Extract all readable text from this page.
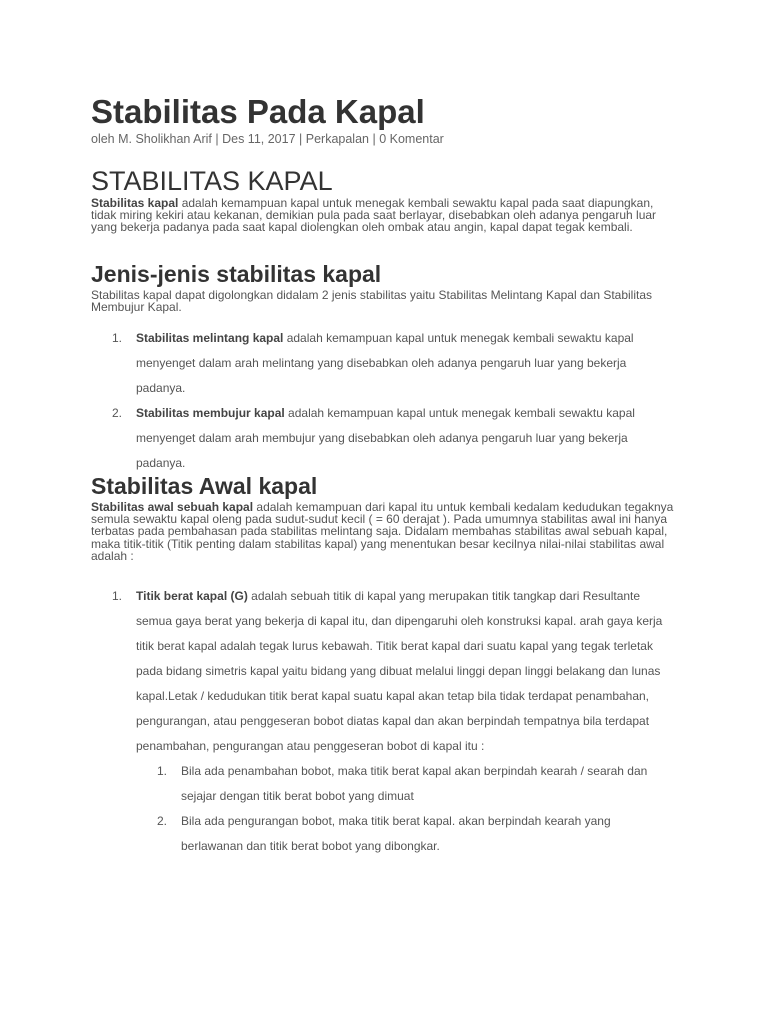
Stabilitas Pada Kapal
oleh M. Sholikhan Arif | Des 11, 2017 | Perkapalan | 0 Komentar
STABILITAS KAPAL

Stabilitas kapal adalah kemampuan kapal untuk menegak kembali sewaktu kapal pada saat diapungkan, tidak miring kekiri atau kekanan, demikian pula pada saat berlayar, disebabkan oleh adanya pengaruh luar yang bekerja padanya pada saat kapal diolengkan oleh ombak atau angin, kapal dapat tegak kembali.

Jenis-jenis stabilitas kapal

Stabilitas kapal dapat digolongkan didalam 2 jenis stabilitas yaitu Stabilitas Melintang Kapal dan Stabilitas Membujur Kapal.

1. Stabilitas melintang kapal adalah kemampuan kapal untuk menegak kembali sewaktu kapal menyenget dalam arah melintang yang disebabkan oleh adanya pengaruh luar yang bekerja padanya.
2. Stabilitas membujur kapal adalah kemampuan kapal untuk menegak kembali sewaktu kapal menyenget dalam arah membujur yang disebabkan oleh adanya pengaruh luar yang bekerja padanya.
Stabilitas Awal kapal

Stabilitas awal sebuah kapal adalah kemampuan dari kapal itu untuk kembali kedalam kedudukan tegaknya semula sewaktu kapal oleng pada sudut-sudut kecil ( = 60 derajat ). Pada umumnya stabilitas awal ini hanya terbatas pada pembahasan pada stabilitas melintang saja. Didalam membahas stabilitas awal sebuah kapal, maka titik-titik (Titik penting dalam stabilitas kapal) yang menentukan besar kecilnya nilai-nilai stabilitas awal adalah :

1. Titik berat kapal (G) adalah sebuah titik di kapal yang merupakan titik tangkap dari Resultante semua gaya berat yang bekerja di kapal itu, dan dipengaruhi oleh konstruksi kapal. arah gaya kerja titik berat kapal adalah tegak lurus kebawah. Titik berat kapal dari suatu kapal yang tegak terletak pada bidang simetris kapal yaitu bidang yang dibuat melalui linggi depan linggi belakang dan lunas kapal.Letak / kedudukan titik berat kapal suatu kapal akan tetap bila tidak terdapat penambahan, pengurangan, atau penggeseran bobot diatas kapal dan akan berpindah tempatnya bila terdapat penambahan, pengurangan atau penggeseran bobot di kapal itu :
1. Bila ada penambahan bobot, maka titik berat kapal akan berpindah kearah / searah dan sejajar dengan titik berat bobot yang dimuat
2. Bila ada pengurangan bobot, maka titik berat kapal. akan berpindah kearah yang berlawanan dan titik berat bobot yang dibongkar.
